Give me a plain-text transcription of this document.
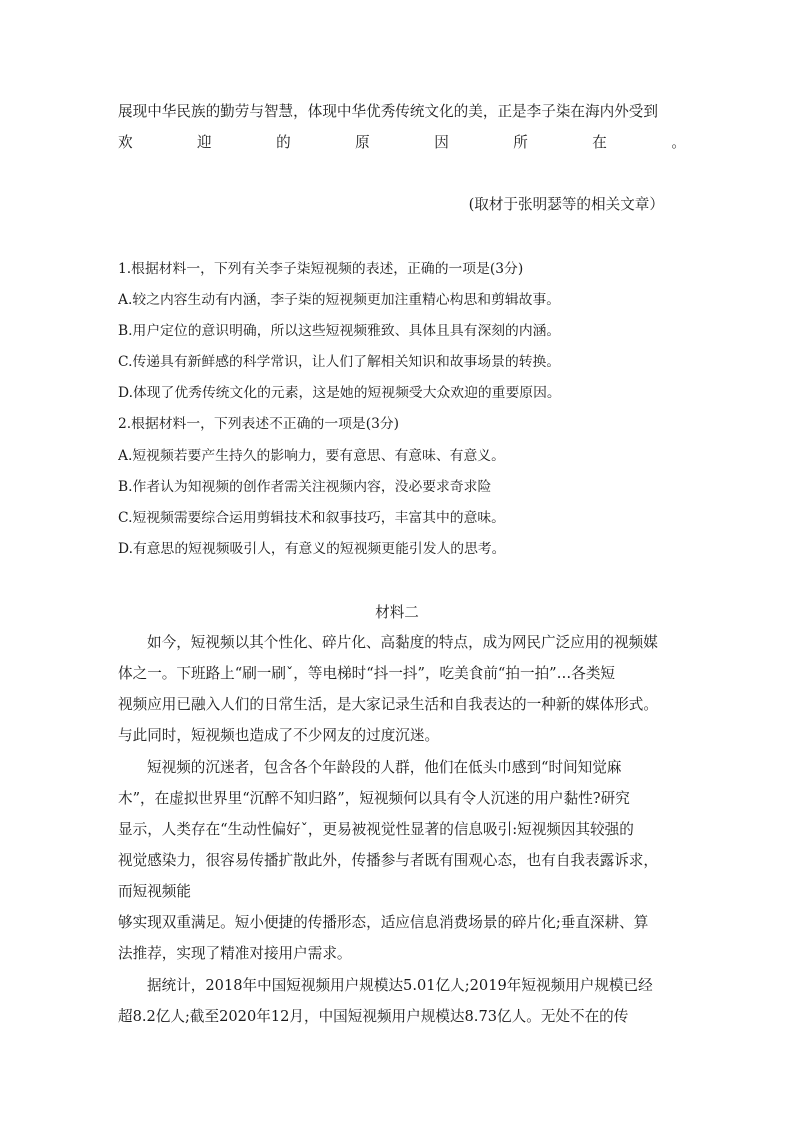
展现中华民族的勤劳与智慧，体现中华优秀传统文化的美，正是李子柒在海内外受到
欢	迎	的	原	因	所	在	。
(取材于张明瑟等的相关文章）
1.根据材料一，下列有关李子柒短视频的表述，正确的一项是(3分)
A.较之内容生动有内涵，李子柒的短视频更加注重精心构思和剪辑故事。
B.用户定位的意识明确，所以这些短视频雅致、具体且具有深刻的内涵。
C.传递具有新鲜感的科学常识，让人们了解相关知识和故事场景的转换。
D.体现了优秀传统文化的元素，这是她的短视频受大众欢迎的重要原因。
2.根据材料一，下列表述不正确的一项是(3分)
A.短视频若要产生持久的影响力，要有意思、有意味、有意义。
B.作者认为知视频的创作者需关注视频内容，没必要求奇求险
C.短视频需要综合运用剪辑技术和叙事技巧，丰富其中的意味。
D.有意思的短视频吸引人，有意义的短视频更能引发人的思考。
材料二
如今，短视频以其个性化、碎片化、高黏度的特点，成为网民广泛应用的视频媒
体之一。下班路上“刷一刷ˇ，等电梯时“抖一抖”，吃美食前“拍一拍”…各类短
视频应用已融入人们的日常生活，是大家记录生活和自我表达的一种新的媒体形式。
与此同时，短视频也造成了不少网友的过度沉迷。
短视频的沉迷者，包含各个年龄段的人群，他们在低头巾感到“时间知觉麻
木”，在虚拟世界里“沉醉不知归路”，短视频何以具有令人沉迷的用户黏性?研究
显示，人类存在“生动性偏好ˇ，更易被视觉性显著的信息吸引:短视频因其较强的
视觉感染力，很容易传播扩散此外，传播参与者既有围观心态，也有自我表露诉求，
而短视频能
够实现双重满足。短小便捷的传播形态，适应信息消费场景的碎片化;垂直深耕、算
法推荐，实现了精准对接用户需求。
据统计，2018年中国短视频用户规模达5.01亿人;2019年短视频用户规模已经
超8.2亿人;截至2020年12月，中国短视频用户规模达8.73亿人。无处不在的传
